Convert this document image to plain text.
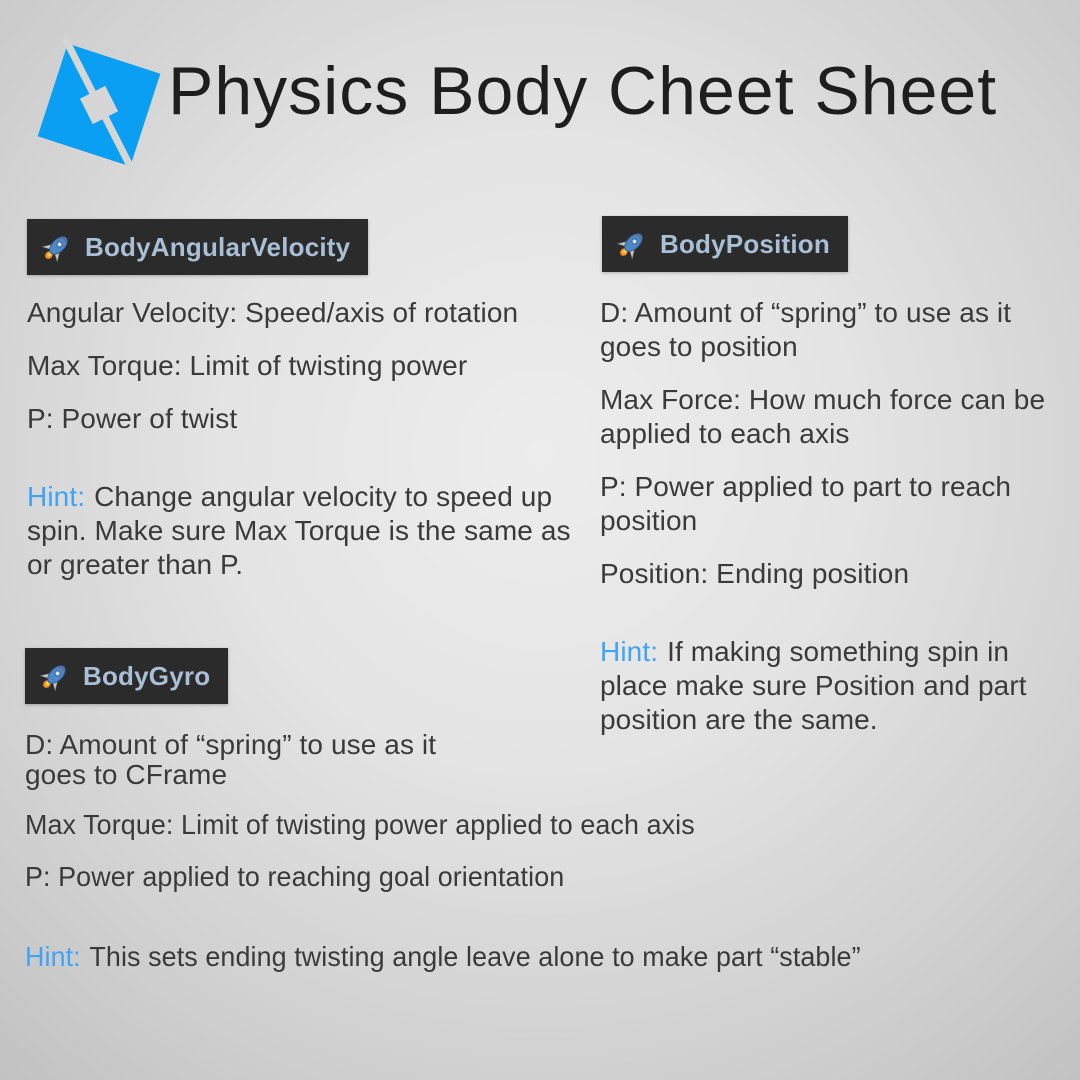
Physics Body Cheet Sheet
BodyAngularVelocity	BodyPosition
BodyGyro

Angular Velocity: Speed/axis of rotation

Max Torque: Limit of twisting power

P: Power of twist

Hint: Change angular velocity to speed up spin. Make sure Max Torque is the same as or greater than P.

D: Amount of “spring” to use as it goes to position

Max Force: How much force can be applied to each axis

P: Power applied to part to reach position

Position: Ending position

Hint: If making something spin in place make sure Position and part position are the same.

D: Amount of “spring” to use as it goes to CFrame

Max Torque: Limit of twisting power applied to each axis

P: Power applied to reaching goal orientation

Hint: This sets ending twisting angle leave alone to make part “stable”
